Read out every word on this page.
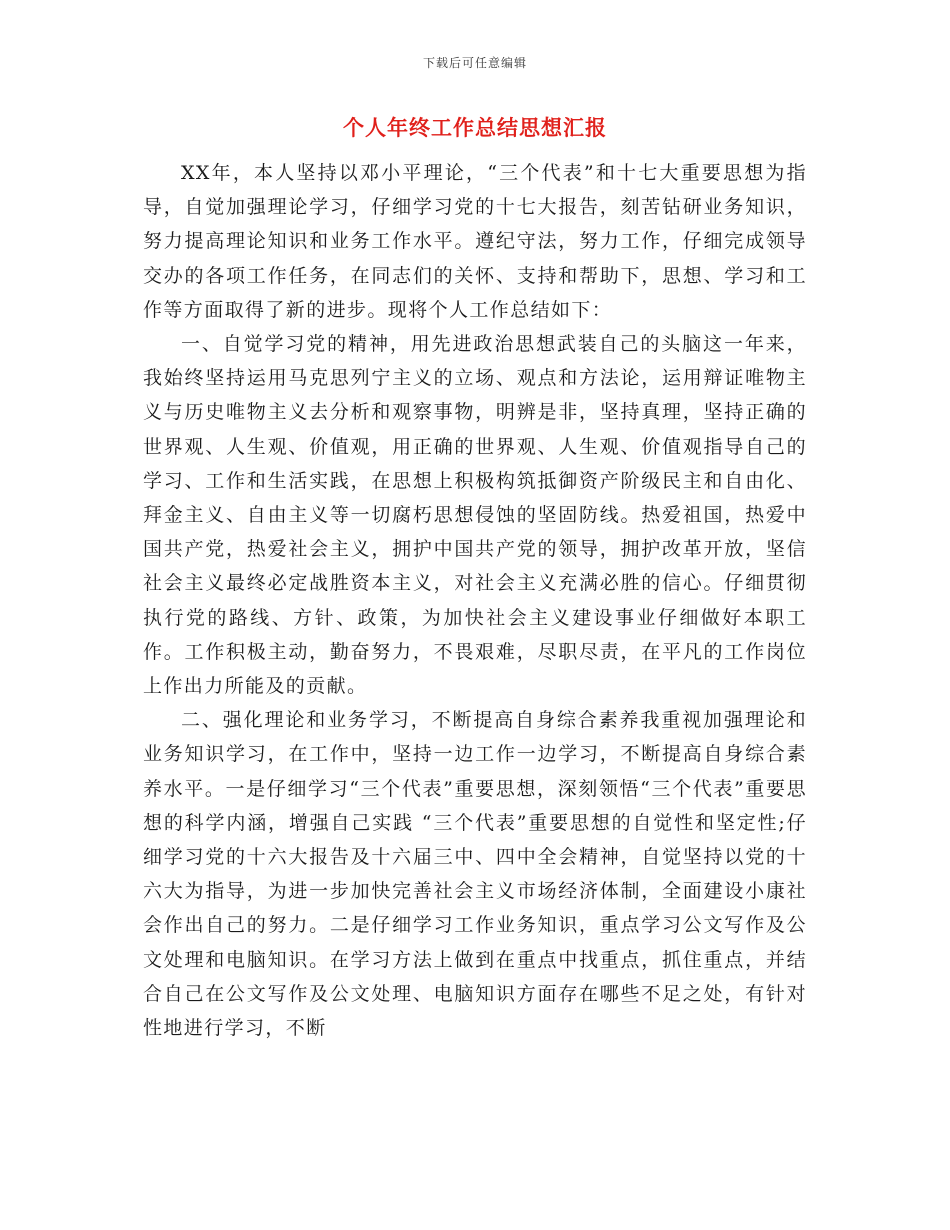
下载后可任意编辑
个人年终工作总结思想汇报

XX年，本人坚持以邓小平理论，“三个代表”和十七大重要思想为指导，自觉加强理论学习，仔细学习党的十七大报告，刻苦钻研业务知识，努力提高理论知识和业务工作水平。遵纪守法，努力工作，仔细完成领导交办的各项工作任务，在同志们的关怀、支持和帮助下，思想、学习和工作等方面取得了新的进步。现将个人工作总结如下：

一、自觉学习党的精神，用先进政治思想武装自己的头脑这一年来，我始终坚持运用马克思列宁主义的立场、观点和方法论，运用辩证唯物主义与历史唯物主义去分析和观察事物，明辨是非，坚持真理，坚持正确的世界观、人生观、价值观，用正确的世界观、人生观、价值观指导自己的学习、工作和生活实践，在思想上积极构筑抵御资产阶级民主和自由化、拜金主义、自由主义等一切腐朽思想侵蚀的坚固防线。热爱祖国，热爱中国共产党，热爱社会主义，拥护中国共产党的领导，拥护改革开放，坚信社会主义最终必定战胜资本主义，对社会主义充满必胜的信心。仔细贯彻执行党的路线、方针、政策，为加快社会主义建设事业仔细做好本职工作。工作积极主动，勤奋努力，不畏艰难，尽职尽责，在平凡的工作岗位上作出力所能及的贡献。

二、强化理论和业务学习，不断提高自身综合素养我重视加强理论和业务知识学习，在工作中，坚持一边工作一边学习，不断提高自身综合素养水平。一是仔细学习“三个代表”重要思想，深刻领悟“三个代表”重要思想的科学内涵，增强自己实践 “三个代表”重要思想的自觉性和坚定性;仔细学习党的十六大报告及十六届三中、四中全会精神，自觉坚持以党的十六大为指导，为进一步加快完善社会主义市场经济体制，全面建设小康社会作出自己的努力。二是仔细学习工作业务知识，重点学习公文写作及公文处理和电脑知识。在学习方法上做到在重点中找重点，抓住重点，并结合自己在公文写作及公文处理、电脑知识方面存在哪些不足之处，有针对性地进行学习，不断
